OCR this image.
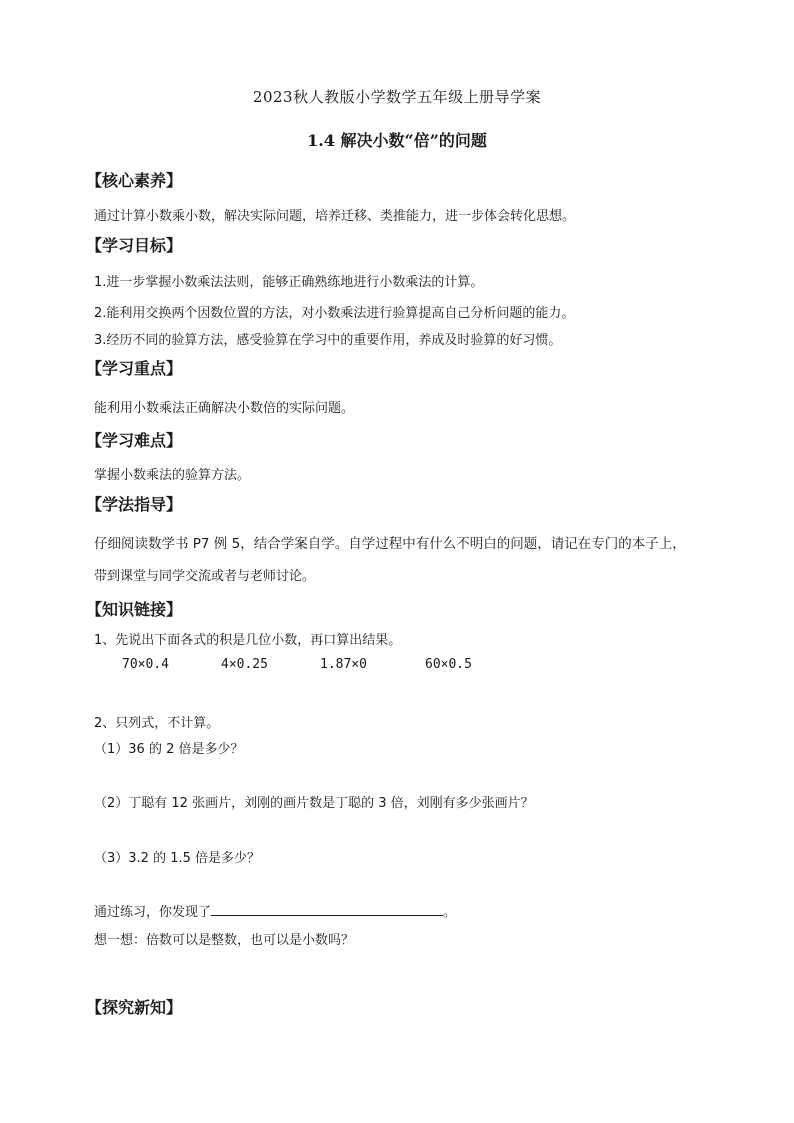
2023秋人教版小学数学五年级上册导学案
1.4 解决小数“倍”的问题
【核心素养】
通过计算小数乘小数，解决实际问题，培养迁移、类推能力，进一步体会转化思想。
【学习目标】
1.进一步掌握小数乘法法则，能够正确熟练地进行小数乘法的计算。
2.能利用交换两个因数位置的方法，对小数乘法进行验算提高自己分析问题的能力。
3.经历不同的验算方法，感受验算在学习中的重要作用，养成及时验算的好习惯。
【学习重点】
能利用小数乘法正确解决小数倍的实际问题。
【学习难点】
掌握小数乘法的验算方法。
【学法指导】
仔细阅读数学书 P7 例 5，结合学案自学。自学过程中有什么不明白的问题，请记在专门的本子上，
带到课堂与同学交流或者与老师讨论。
【知识链接】
1、先说出下面各式的积是几位小数，再口算出结果。
70×0.4	4×0.25	1.87×0	60×0.5
2、只列式，不计算。
（1）36 的 2 倍是多少？
（2）丁聪有 12 张画片，刘刚的画片数是丁聪的 3 倍，刘刚有多少张画片？
（3）3.2 的 1.5 倍是多少？
通过练习，你发现了	。
想一想：倍数可以是整数，也可以是小数吗？
【探究新知】
